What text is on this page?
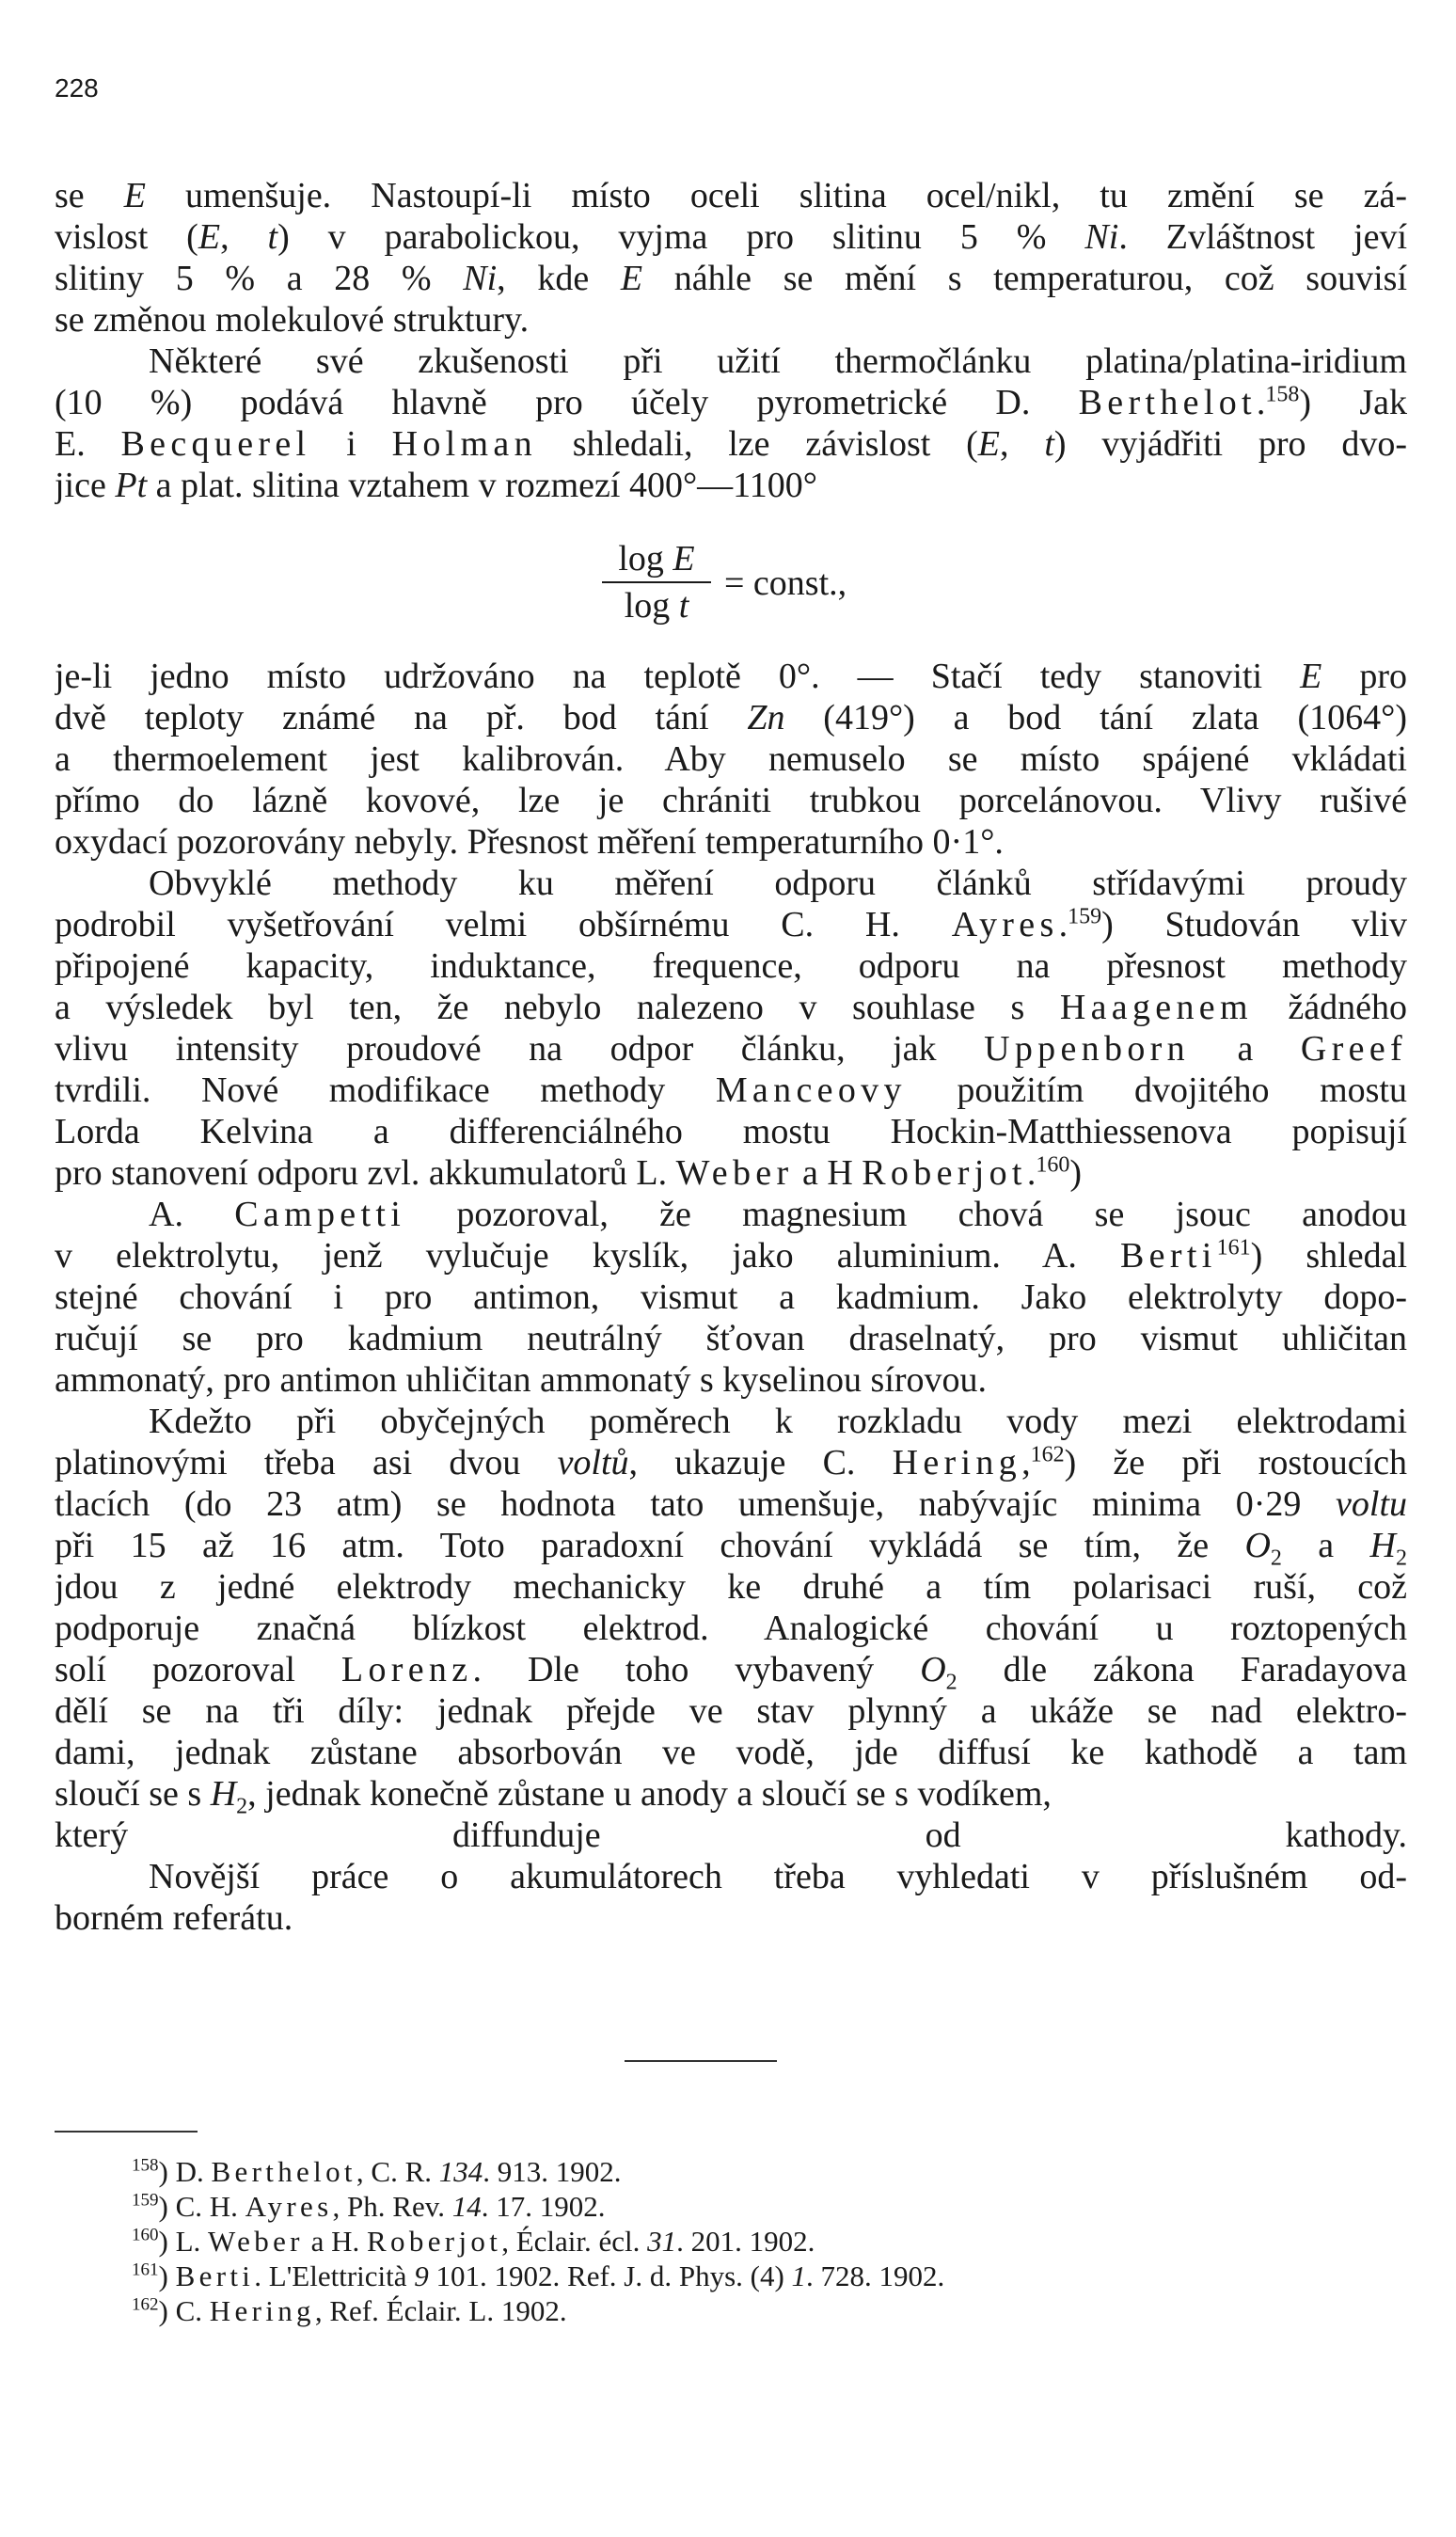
228
se E umenšuje. Nastoupí-li místo oceli slitina ocel/nikl, tu změní se zá-
vislost (E, t) v parabolickou, vyjma pro slitinu 5 % Ni. Zvláštnost jeví
slitiny 5 % a 28 % Ni, kde E náhle se mění s temperaturou, což souvisí
se změnou molekulové struktury.
Některé své zkušenosti při užití thermočlánku platina/platina-iridium
(10 %) podává hlavně pro účely pyrometrické D. Berthelot.$^{158}$) Jak
E. Becquerel i Holman shledali, lze závislost (E, t) vyjádřiti pro dvo-
jice Pt a plat. slitina vztahem v rozmezí 400°—1100°
log E
log t
= const.,
je-li jedno místo udržováno na teplotě 0°. — Stačí tedy stanoviti E pro
dvě teploty známé na př. bod tání Zn (419°) a bod tání zlata (1064°)
a thermoelement jest kalibrován. Aby nemuselo se místo spájené vkládati
přímo do lázně kovové, lze je chrániti trubkou porcelánovou. Vlivy rušivé
oxydací pozorovány nebyly. Přesnost měření temperaturního 0·1°.
Obvyklé methody ku měření odporu článků střídavými proudy
podrobil vyšetřování velmi obšírnému C. H. Ayres.$^{159}$) Studován vliv
připojené kapacity, induktance, frequence, odporu na přesnost methody
a výsledek byl ten, že nebylo nalezeno v souhlase s Haagenem žádného
vlivu intensity proudové na odpor článku, jak Uppenborn a Greef
tvrdili. Nové modifikace methody Manceovy použitím dvojitého mostu
Lorda Kelvina a differenciálného mostu Hockin-Matthiessenova popisují
pro stanovení odporu zvl. akkumulatorů L. Weber a H Roberjot.$^{160}$)
A. Campetti pozoroval, že magnesium chová se jsouc anodou
v elektrolytu, jenž vylučuje kyslík, jako aluminium. A. Berti$^{161}$) shledal
stejné chování i pro antimon, vismut a kadmium. Jako elektrolyty dopo-
ručují se pro kadmium neutrálný šťovan draselnatý, pro vismut uhličitan
ammonatý, pro antimon uhličitan ammonatý s kyselinou sírovou.
Kdežto při obyčejných poměrech k rozkladu vody mezi elektrodami
platinovými třeba asi dvou voltů, ukazuje C. Hering,$^{162}$) že při rostoucích
tlacích (do 23 atm) se hodnota tato umenšuje, nabývajíc minima 0·29 voltu
při 15 až 16 atm. Toto paradoxní chování vykládá se tím, že $O_2$ a $H_2$
jdou z jedné elektrody mechanicky ke druhé a tím polarisaci ruší, což
podporuje značná blízkost elektrod. Analogické chování u roztopených
solí pozoroval Lorenz. Dle toho vybavený $O_2$ dle zákona Faradayova
dělí se na tři díly: jednak přejde ve stav plynný a ukáže se nad elektro-
dami, jednak zůstane absorbován ve vodě, jde diffusí ke kathodě a tam
sloučí se s $H_2$, jednak konečně zůstane u anody a sloučí se s vodíkem,
který diffunduje od kathody.
Novější práce o akumulátorech třeba vyhledati v příslušném od-
borném referátu.
$^{158}$) D. Berthelot, C. R. 134. 913. 1902.
$^{159}$) C. H. Ayres, Ph. Rev. 14. 17. 1902.
$^{160}$) L. Weber a H. Roberjot, Éclair. écl. 31. 201. 1902.
$^{161}$) Berti. L'Elettricità 9 101. 1902. Ref. J. d. Phys. (4) 1. 728. 1902.
$^{162}$) C. Hering, Ref. Éclair. L. 1902.
